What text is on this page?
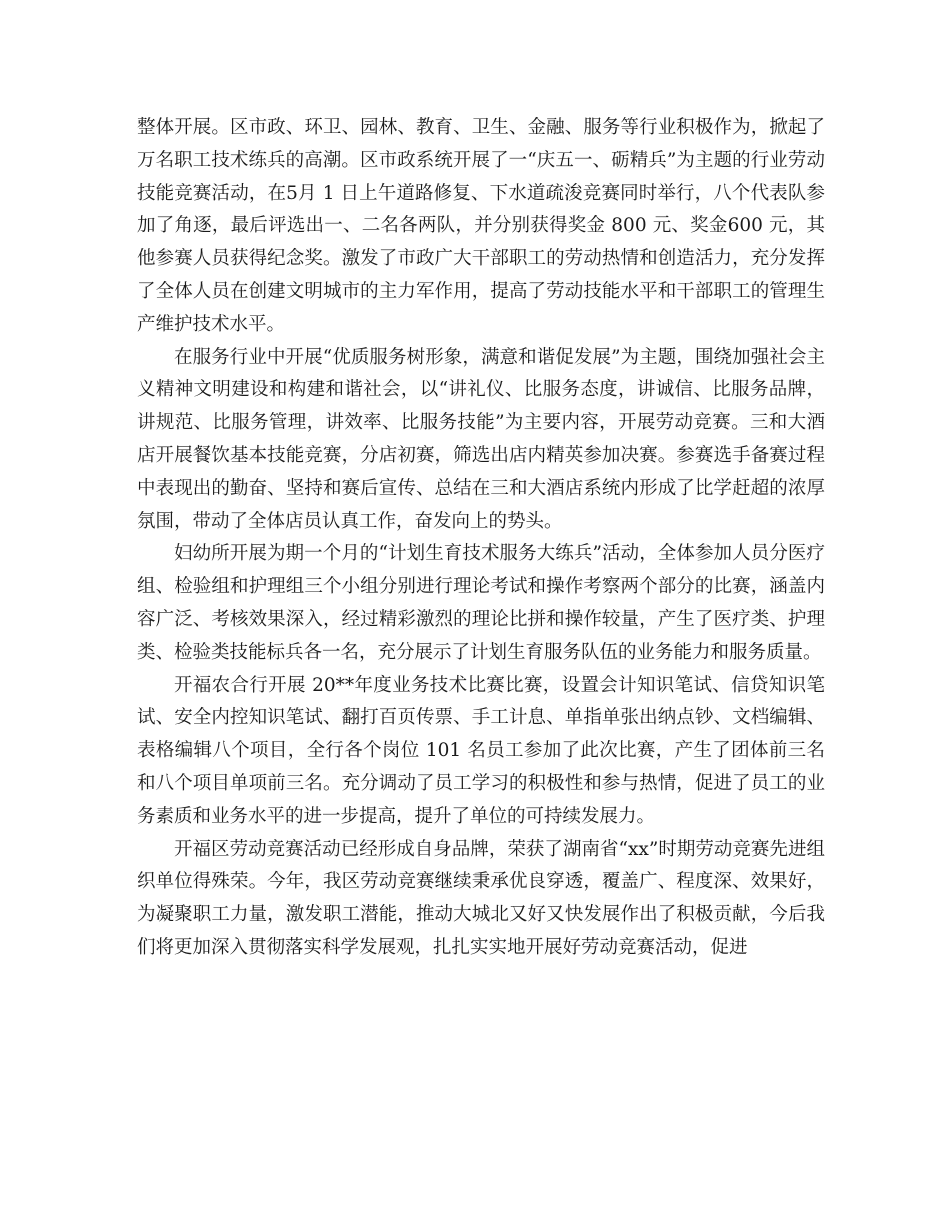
整体开展。区市政、环卫、园林、教育、卫生、金融、服务等行业积极作为，掀起了万名职工技术练兵的高潮。区市政系统开展了一“庆五一、砺精兵”为主题的行业劳动技能竞赛活动，在5月 1 日上午道路修复、下水道疏浚竞赛同时举行，八个代表队参加了角逐，最后评选出一、二名各两队，并分别获得奖金 800 元、奖金600 元，其他参赛人员获得纪念奖。激发了市政广大干部职工的劳动热情和创造活力，充分发挥了全体人员在创建文明城市的主力军作用，提高了劳动技能水平和干部职工的管理生产维护技术水平。

在服务行业中开展“优质服务树形象，满意和谐促发展”为主题，围绕加强社会主义精神文明建设和构建和谐社会，以“讲礼仪、比服务态度，讲诚信、比服务品牌，讲规范、比服务管理，讲效率、比服务技能”为主要内容，开展劳动竞赛。三和大酒店开展餐饮基本技能竞赛，分店初赛，筛选出店内精英参加决赛。参赛选手备赛过程中表现出的勤奋、坚持和赛后宣传、总结在三和大酒店系统内形成了比学赶超的浓厚氛围，带动了全体店员认真工作，奋发向上的势头。

妇幼所开展为期一个月的“计划生育技术服务大练兵”活动，全体参加人员分医疗组、检验组和护理组三个小组分别进行理论考试和操作考察两个部分的比赛，涵盖内容广泛、考核效果深入，经过精彩激烈的理论比拼和操作较量，产生了医疗类、护理类、检验类技能标兵各一名，充分展示了计划生育服务队伍的业务能力和服务质量。

开福农合行开展 20**年度业务技术比赛比赛，设置会计知识笔试、信贷知识笔试、安全内控知识笔试、翻打百页传票、手工计息、单指单张出纳点钞、文档编辑、表格编辑八个项目，全行各个岗位 101 名员工参加了此次比赛，产生了团体前三名和八个项目单项前三名。充分调动了员工学习的积极性和参与热情，促进了员工的业务素质和业务水平的进一步提高，提升了单位的可持续发展力。

开福区劳动竞赛活动已经形成自身品牌，荣获了湖南省“xx”时期劳动竞赛先进组织单位得殊荣。今年，我区劳动竞赛继续秉承优良穿透，覆盖广、程度深、效果好，为凝聚职工力量，激发职工潜能，推动大城北又好又快发展作出了积极贡献，今后我们将更加深入贯彻落实科学发展观，扎扎实实地开展好劳动竞赛活动，促进
